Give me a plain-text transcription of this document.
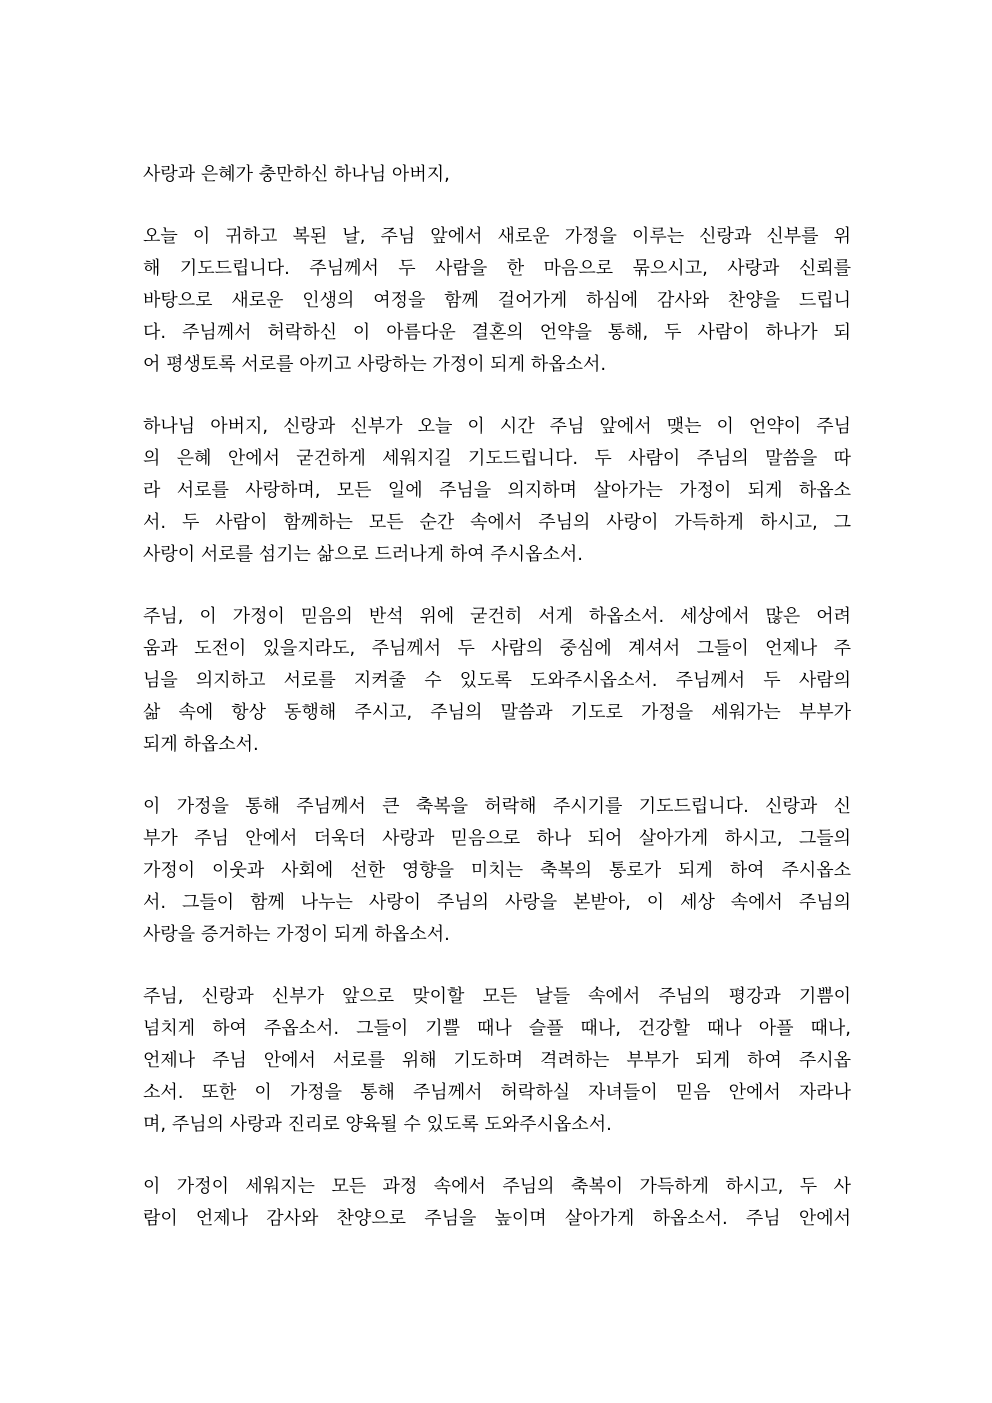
사랑과 은혜가 충만하신 하나님 아버지,
오늘 이 귀하고 복된 날, 주님 앞에서 새로운 가정을 이루는 신랑과 신부를 위
해 기도드립니다. 주님께서 두 사람을 한 마음으로 묶으시고, 사랑과 신뢰를
바탕으로 새로운 인생의 여정을 함께 걸어가게 하심에 감사와 찬양을 드립니
다. 주님께서 허락하신 이 아름다운 결혼의 언약을 통해, 두 사람이 하나가 되
어 평생토록 서로를 아끼고 사랑하는 가정이 되게 하옵소서.
하나님 아버지, 신랑과 신부가 오늘 이 시간 주님 앞에서 맺는 이 언약이 주님
의 은혜 안에서 굳건하게 세워지길 기도드립니다. 두 사람이 주님의 말씀을 따
라 서로를 사랑하며, 모든 일에 주님을 의지하며 살아가는 가정이 되게 하옵소
서. 두 사람이 함께하는 모든 순간 속에서 주님의 사랑이 가득하게 하시고, 그
사랑이 서로를 섬기는 삶으로 드러나게 하여 주시옵소서.
주님, 이 가정이 믿음의 반석 위에 굳건히 서게 하옵소서. 세상에서 많은 어려
움과 도전이 있을지라도, 주님께서 두 사람의 중심에 계셔서 그들이 언제나 주
님을 의지하고 서로를 지켜줄 수 있도록 도와주시옵소서. 주님께서 두 사람의
삶 속에 항상 동행해 주시고, 주님의 말씀과 기도로 가정을 세워가는 부부가
되게 하옵소서.
이 가정을 통해 주님께서 큰 축복을 허락해 주시기를 기도드립니다. 신랑과 신
부가 주님 안에서 더욱더 사랑과 믿음으로 하나 되어 살아가게 하시고, 그들의
가정이 이웃과 사회에 선한 영향을 미치는 축복의 통로가 되게 하여 주시옵소
서. 그들이 함께 나누는 사랑이 주님의 사랑을 본받아, 이 세상 속에서 주님의
사랑을 증거하는 가정이 되게 하옵소서.
주님, 신랑과 신부가 앞으로 맞이할 모든 날들 속에서 주님의 평강과 기쁨이
넘치게 하여 주옵소서. 그들이 기쁠 때나 슬플 때나, 건강할 때나 아플 때나,
언제나 주님 안에서 서로를 위해 기도하며 격려하는 부부가 되게 하여 주시옵
소서. 또한 이 가정을 통해 주님께서 허락하실 자녀들이 믿음 안에서 자라나
며, 주님의 사랑과 진리로 양육될 수 있도록 도와주시옵소서.
이 가정이 세워지는 모든 과정 속에서 주님의 축복이 가득하게 하시고, 두 사
람이 언제나 감사와 찬양으로 주님을 높이며 살아가게 하옵소서. 주님 안에서
